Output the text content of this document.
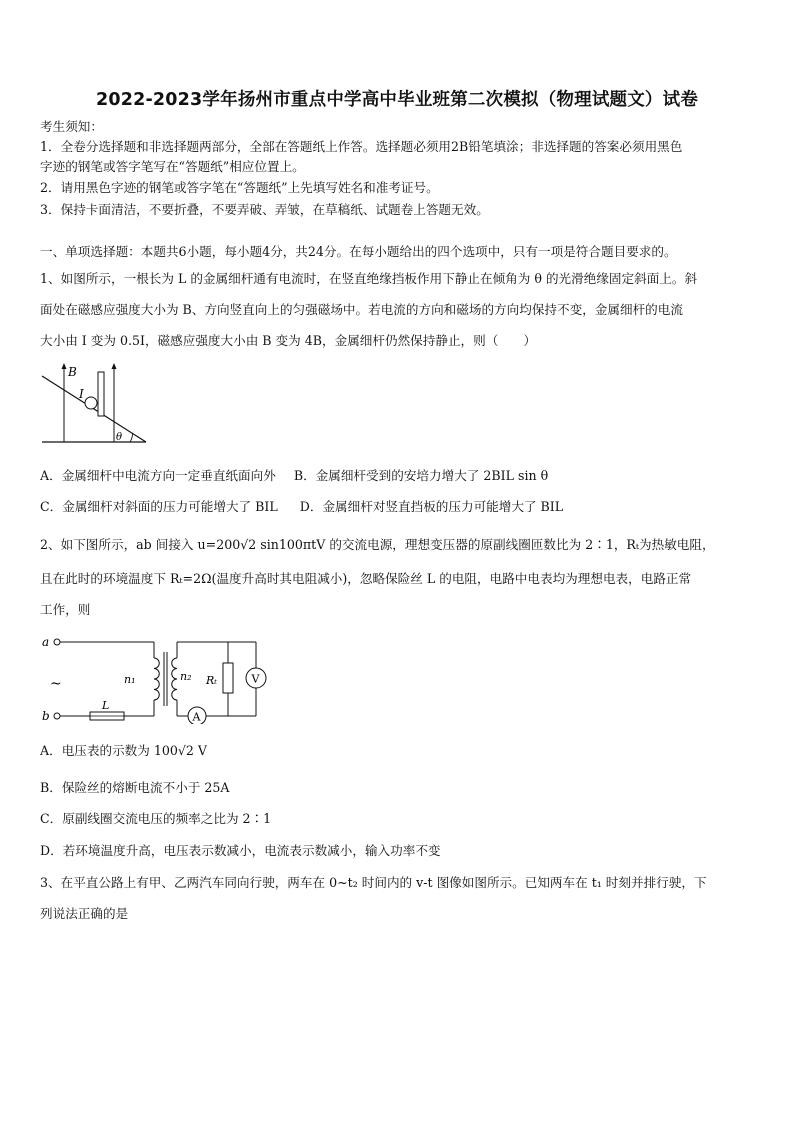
2022-2023学年扬州市重点中学高中毕业班第二次模拟（物理试题文）试卷
考生须知：
1．全卷分选择题和非选择题两部分，全部在答题纸上作答。选择题必须用2B铅笔填涂；非选择题的答案必须用黑色
字迹的钢笔或答字笔写在“答题纸”相应位置上。
2．请用黑色字迹的钢笔或答字笔在“答题纸”上先填写姓名和准考证号。
3．保持卡面清洁，不要折叠，不要弄破、弄皱，在草稿纸、试题卷上答题无效。
一、单项选择题：本题共6小题，每小题4分，共24分。在每小题给出的四个选项中，只有一项是符合题目要求的。
1、如图所示，一根长为 L 的金属细杆通有电流时，在竖直绝缘挡板作用下静止在倾角为 θ 的光滑绝缘固定斜面上。斜
面处在磁感应强度大小为 B、方向竖直向上的匀强磁场中。若电流的方向和磁场的方向均保持不变，金属细杆的电流
大小由 I 变为 0.5I，磁感应强度大小由 B 变为 4B，金属细杆仍然保持静止，则（　　）
B
I
θ
A．金属细杆中电流方向一定垂直纸面向外 B．金属细杆受到的安培力增大了 2BIL sin θ
C．金属细杆对斜面的压力可能增大了 BIL D．金属细杆对竖直挡板的压力可能增大了 BIL
2、如下图所示，ab 间接入 u=200√2 sin100πtV 的交流电源，理想变压器的原副线圈匝数比为 2∶1，Rₜ为热敏电阻，
且在此时的环境温度下 Rₜ=2Ω(温度升高时其电阻减小)，忽略保险丝 L 的电阻，电路中电表均为理想电表，电路正常
工作，则
a
b
~
L
n₁	n₂
A
Rₜ	V
A．电压表的示数为 100√2 V
B．保险丝的熔断电流不小于 25A
C．原副线圈交流电压的频率之比为 2∶1
D．若环境温度升高，电压表示数减小，电流表示数减小，输入功率不变
3、在平直公路上有甲、乙两汽车同向行驶，两车在 0~t₂ 时间内的 v-t 图像如图所示。已知两车在 t₁ 时刻并排行驶，下
列说法正确的是
